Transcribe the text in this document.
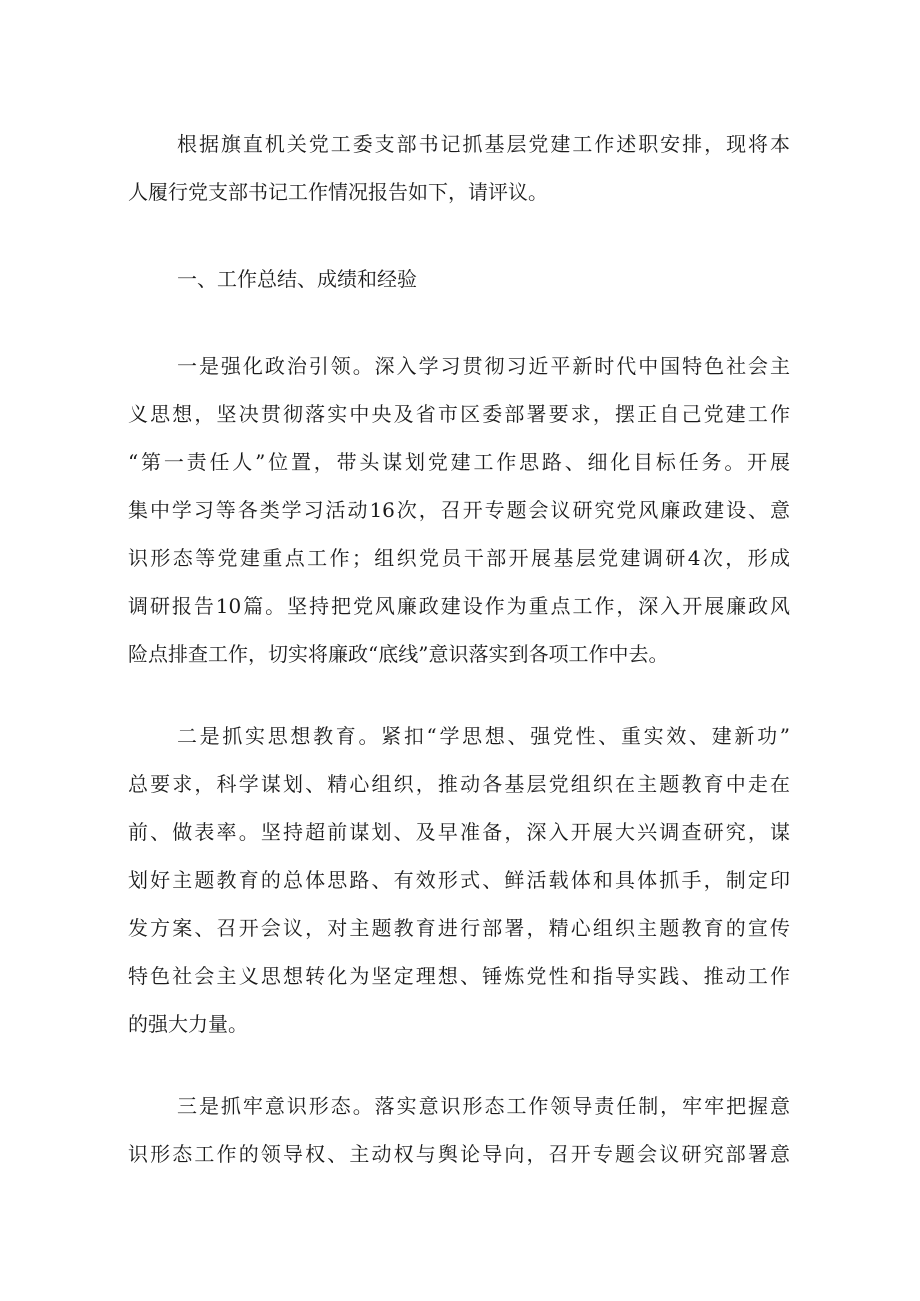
根据旗直机关党工委支部书记抓基层党建工作述职安排，现将本

人履行党支部书记工作情况报告如下，请评议。

一、工作总结、成绩和经验

一是强化政治引领。深入学习贯彻习近平新时代中国特色社会主

义思想，坚决贯彻落实中央及省市区委部署要求，摆正自己党建工作

“第一责任人”位置，带头谋划党建工作思路、细化目标任务。开展

集中学习等各类学习活动16次，召开专题会议研究党风廉政建设、意

识形态等党建重点工作；组织党员干部开展基层党建调研4次，形成

调研报告10篇。坚持把党风廉政建设作为重点工作，深入开展廉政风

险点排查工作，切实将廉政“底线”意识落实到各项工作中去。

二是抓实思想教育。紧扣“学思想、强党性、重实效、建新功”

总要求，科学谋划、精心组织，推动各基层党组织在主题教育中走在

前、做表率。坚持超前谋划、及早准备，深入开展大兴调查研究，谋

划好主题教育的总体思路、有效形式、鲜活载体和具体抓手，制定印

发方案、召开会议，对主题教育进行部署，精心组织主题教育的宣传

特色社会主义思想转化为坚定理想、锤炼党性和指导实践、推动工作

的强大力量。

三是抓牢意识形态。落实意识形态工作领导责任制，牢牢把握意

识形态工作的领导权、主动权与舆论导向，召开专题会议研究部署意
